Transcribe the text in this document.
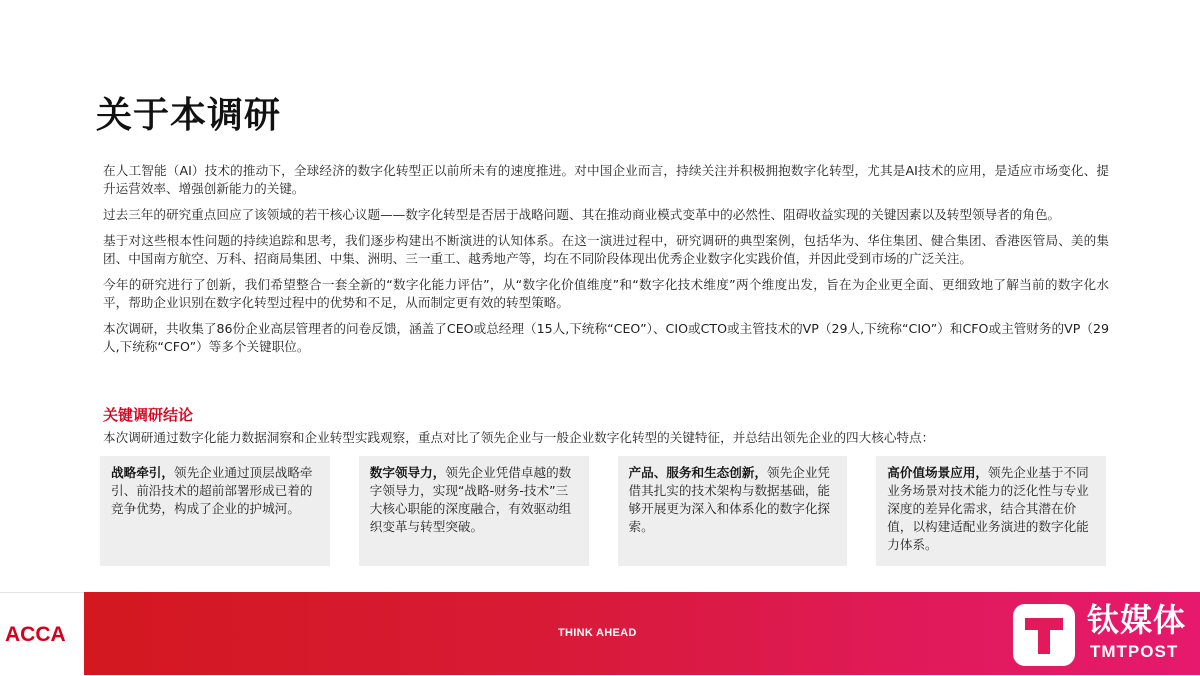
关于本调研

在人工智能（AI）技术的推动下，全球经济的数字化转型正以前所未有的速度推进。对中国企业而言，持续关注并积极拥抱数字化转型，尤其是AI技术的应用，是适应市场变化、提升运营效率、增强创新能力的关键。

过去三年的研究重点回应了该领域的若干核心议题——数字化转型是否居于战略问题、其在推动商业模式变革中的必然性、阻碍收益实现的关键因素以及转型领导者的角色。

基于对这些根本性问题的持续追踪和思考，我们逐步构建出不断演进的认知体系。在这一演进过程中，研究调研的典型案例，包括华为、华住集团、健合集团、香港医管局、美的集团、中国南方航空、万科、招商局集团、中集、洲明、三一重工、越秀地产等，均在不同阶段体现出优秀企业数字化实践价值，并因此受到市场的广泛关注。

今年的研究进行了创新，我们希望整合一套全新的“数字化能力评估”，从“数字化价值维度”和“数字化技术维度”两个维度出发，旨在为企业更全面、更细致地了解当前的数字化水平，帮助企业识别在数字化转型过程中的优势和不足，从而制定更有效的转型策略。

本次调研，共收集了86份企业高层管理者的问卷反馈，涵盖了CEO或总经理（15人,下统称“CEO”）、CIO或CTO或主管技术的VP（29人,下统称“CIO”）和CFO或主管财务的VP（29人,下统称“CFO”）等多个关键职位。

关键调研结论

本次调研通过数字化能力数据洞察和企业转型实践观察，重点对比了领先企业与一般企业数字化转型的关键特征，并总结出领先企业的四大核心特点：

战略牵引，领先企业通过顶层战略牵引、前沿技术的超前部署形成已着的竞争优势，构成了企业的护城河。
数字领导力，领先企业凭借卓越的数字领导力，实现“战略-财务-技术”三大核心职能的深度融合，有效驱动组织变革与转型突破。
产品、服务和生态创新，领先企业凭借其扎实的技术架构与数据基础，能够开展更为深入和体系化的数字化探索。
高价值场景应用，领先企业基于不同业务场景对技术能力的泛化性与专业深度的差异化需求，结合其潜在价值，以构建适配业务演进的数字化能力体系。
ACCA	THINK AHEAD	钛媒体
TMTPOST
